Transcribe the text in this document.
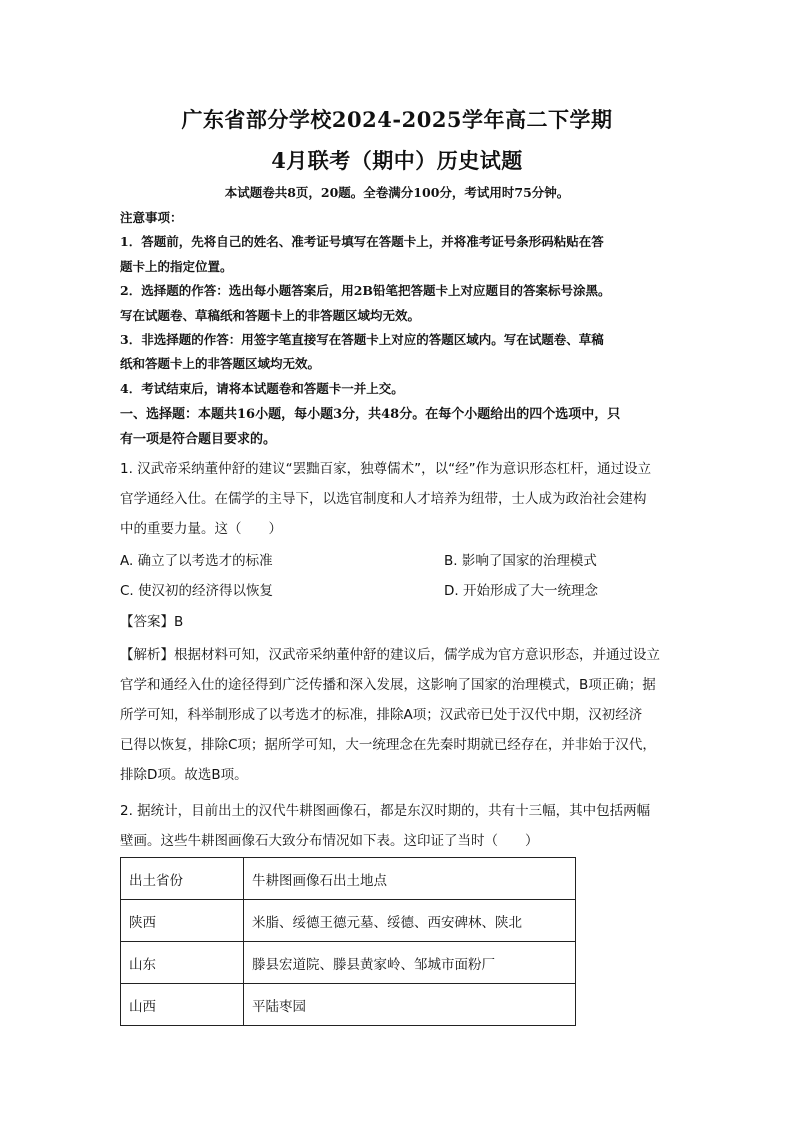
广东省部分学校2024-2025学年高二下学期
4月联考（期中）历史试题
本试题卷共8页，20题。全卷满分100分，考试用时75分钟。

注意事项：

1．答题前，先将自己的姓名、准考证号填写在答题卡上，并将准考证号条形码粘贴在答

题卡上的指定位置。

2．选择题的作答：选出每小题答案后，用2B铅笔把答题卡上对应题目的答案标号涂黑。

写在试题卷、草稿纸和答题卡上的非答题区域均无效。

3．非选择题的作答：用签字笔直接写在答题卡上对应的答题区域内。写在试题卷、草稿

纸和答题卡上的非答题区域均无效。

4．考试结束后，请将本试题卷和答题卡一并上交。

一、选择题：本题共16小题，每小题3分，共48分。在每个小题给出的四个选项中，只
有一项是符合题目要求的。
1. 汉武帝采纳董仲舒的建议“罢黜百家，独尊儒术”，以“经”作为意识形态杠杆，通过设立
官学通经入仕。在儒学的主导下，以选官制度和人才培养为纽带，士人成为政治社会建构
中的重要力量。这（　　）
A. 确立了以考选才的标准	B. 影响了国家的治理模式
C. 使汉初的经济得以恢复	D. 开始形成了大一统理念
【答案】B
【解析】根据材料可知，汉武帝采纳董仲舒的建议后，儒学成为官方意识形态，并通过设立
官学和通经入仕的途径得到广泛传播和深入发展，这影响了国家的治理模式，B项正确；据
所学可知，科举制形成了以考选才的标准，排除A项；汉武帝已处于汉代中期，汉初经济
已得以恢复，排除C项；据所学可知，大一统理念在先秦时期就已经存在，并非始于汉代，
排除D项。故选B项。
2. 据统计，目前出土的汉代牛耕图画像石，都是东汉时期的，共有十三幅，其中包括两幅
壁画。这些牛耕图画像石大致分布情况如下表。这印证了当时（　　）
出土省份	牛耕图画像石出土地点
陕西	米脂、绥德王德元墓、绥德、西安碑林、陕北
山东	滕县宏道院、滕县黄家岭、邹城市面粉厂
山西	平陆枣园
